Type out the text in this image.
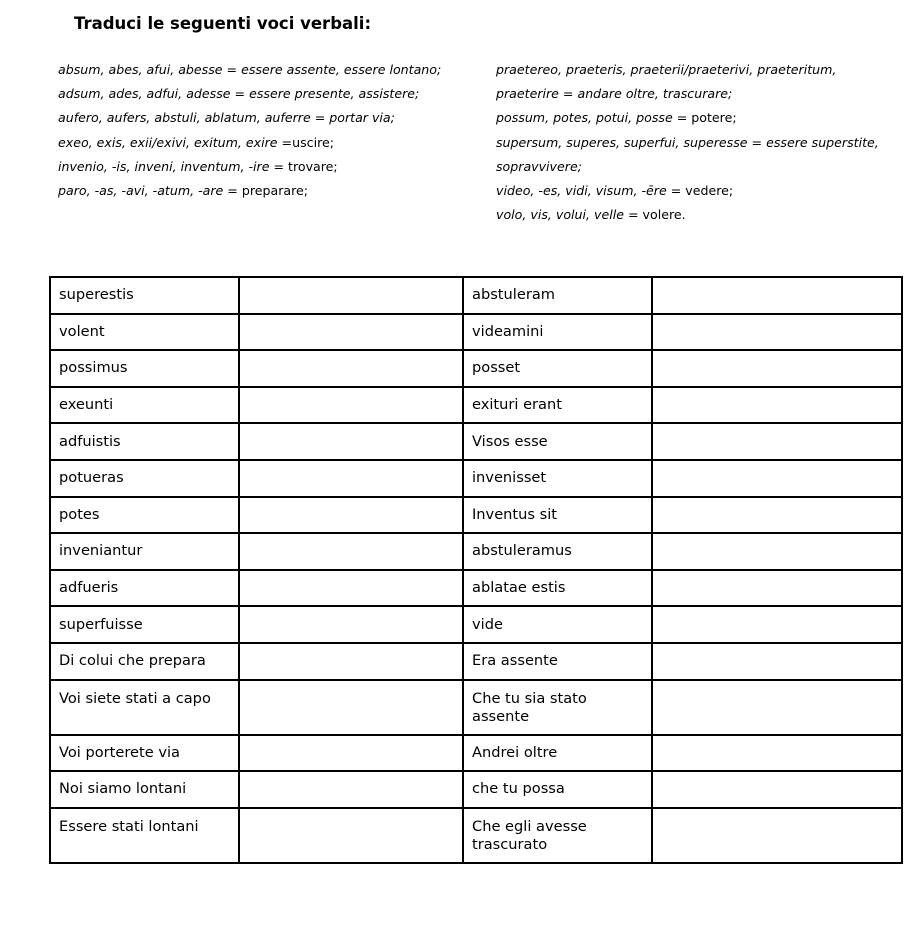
Traduci le seguenti voci verbali:
absum, abes, afui, abesse = essere assente, essere lontano;
adsum, ades, adfui, adesse = essere presente, assistere;
aufero, aufers, abstuli, ablatum, auferre = portar via;
exeo, exis, exii/exivi, exitum, exire =uscire;
invenio, -is, inveni, inventum, -ire = trovare;
paro, -as, -avi, -atum, -are = preparare;
praetereo, praeteris, praeterii/praeterivi, praeteritum,
praeterire = andare oltre, trascurare;
possum, potes, potui, posse = potere;
supersum, superes, superfui, superesse = essere superstite,
sopravvivere;
video, -es, vidi, visum, -ēre = vedere;
volo, vis, volui, velle = volere.
superestis		abstuleram	
volent		videamini	
possimus		posset	
exeunti		exituri erant	
adfuistis		Visos esse	
potueras		invenisset	
potes		Inventus sit	
inveniantur		abstuleramus	
adfueris		ablatae estis	
superfuisse		vide	
Di colui che prepara		Era assente	
Voi siete stati a capo		Che tu sia stato assente	
Voi porterete via		Andrei oltre	
Noi siamo lontani		che tu possa	
Essere stati lontani		Che egli avesse trascurato	
